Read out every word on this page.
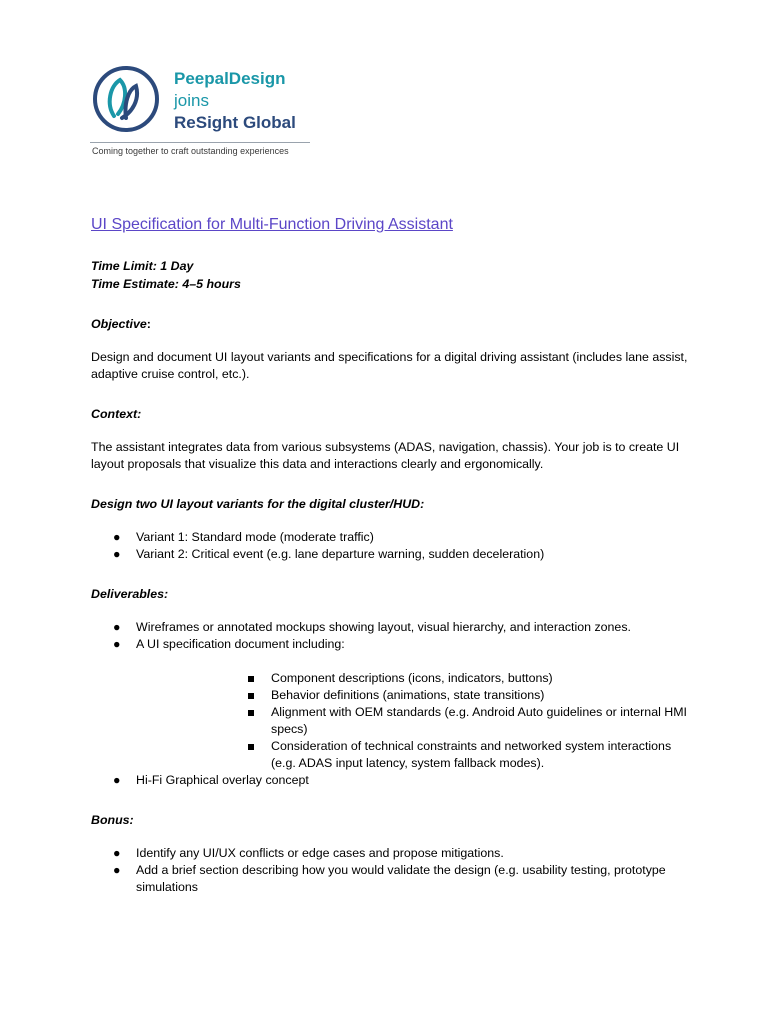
PeepalDesign
joins
ReSight Global
Coming together to craft outstanding experiences
UI Specification for Multi-Function Driving Assistant

Time Limit: 1 Day

Time Estimate: 4–5 hours

Objective:

Design and document UI layout variants and specifications for a digital driving assistant (includes lane assist, adaptive cruise control, etc.).

Context:

The assistant integrates data from various subsystems (ADAS, navigation, chassis). Your job is to create UI layout proposals that visualize this data and interactions clearly and ergonomically.

Design two UI layout variants for the digital cluster/HUD:

● Variant 1: Standard mode (moderate traffic)
● Variant 2: Critical event (e.g. lane departure warning, sudden deceleration)

Deliverables:

● Wireframes or annotated mockups showing layout, visual hierarchy, and interaction zones.
● A UI specification document including:
Component descriptions (icons, indicators, buttons)
Behavior definitions (animations, state transitions)
Alignment with OEM standards (e.g. Android Auto guidelines or internal HMI specs)
Consideration of technical constraints and networked system interactions (e.g. ADAS input latency, system fallback modes).
● Hi-Fi Graphical overlay concept

Bonus:

● Identify any UI/UX conflicts or edge cases and propose mitigations.
● Add a brief section describing how you would validate the design (e.g. usability testing, prototype simulations
